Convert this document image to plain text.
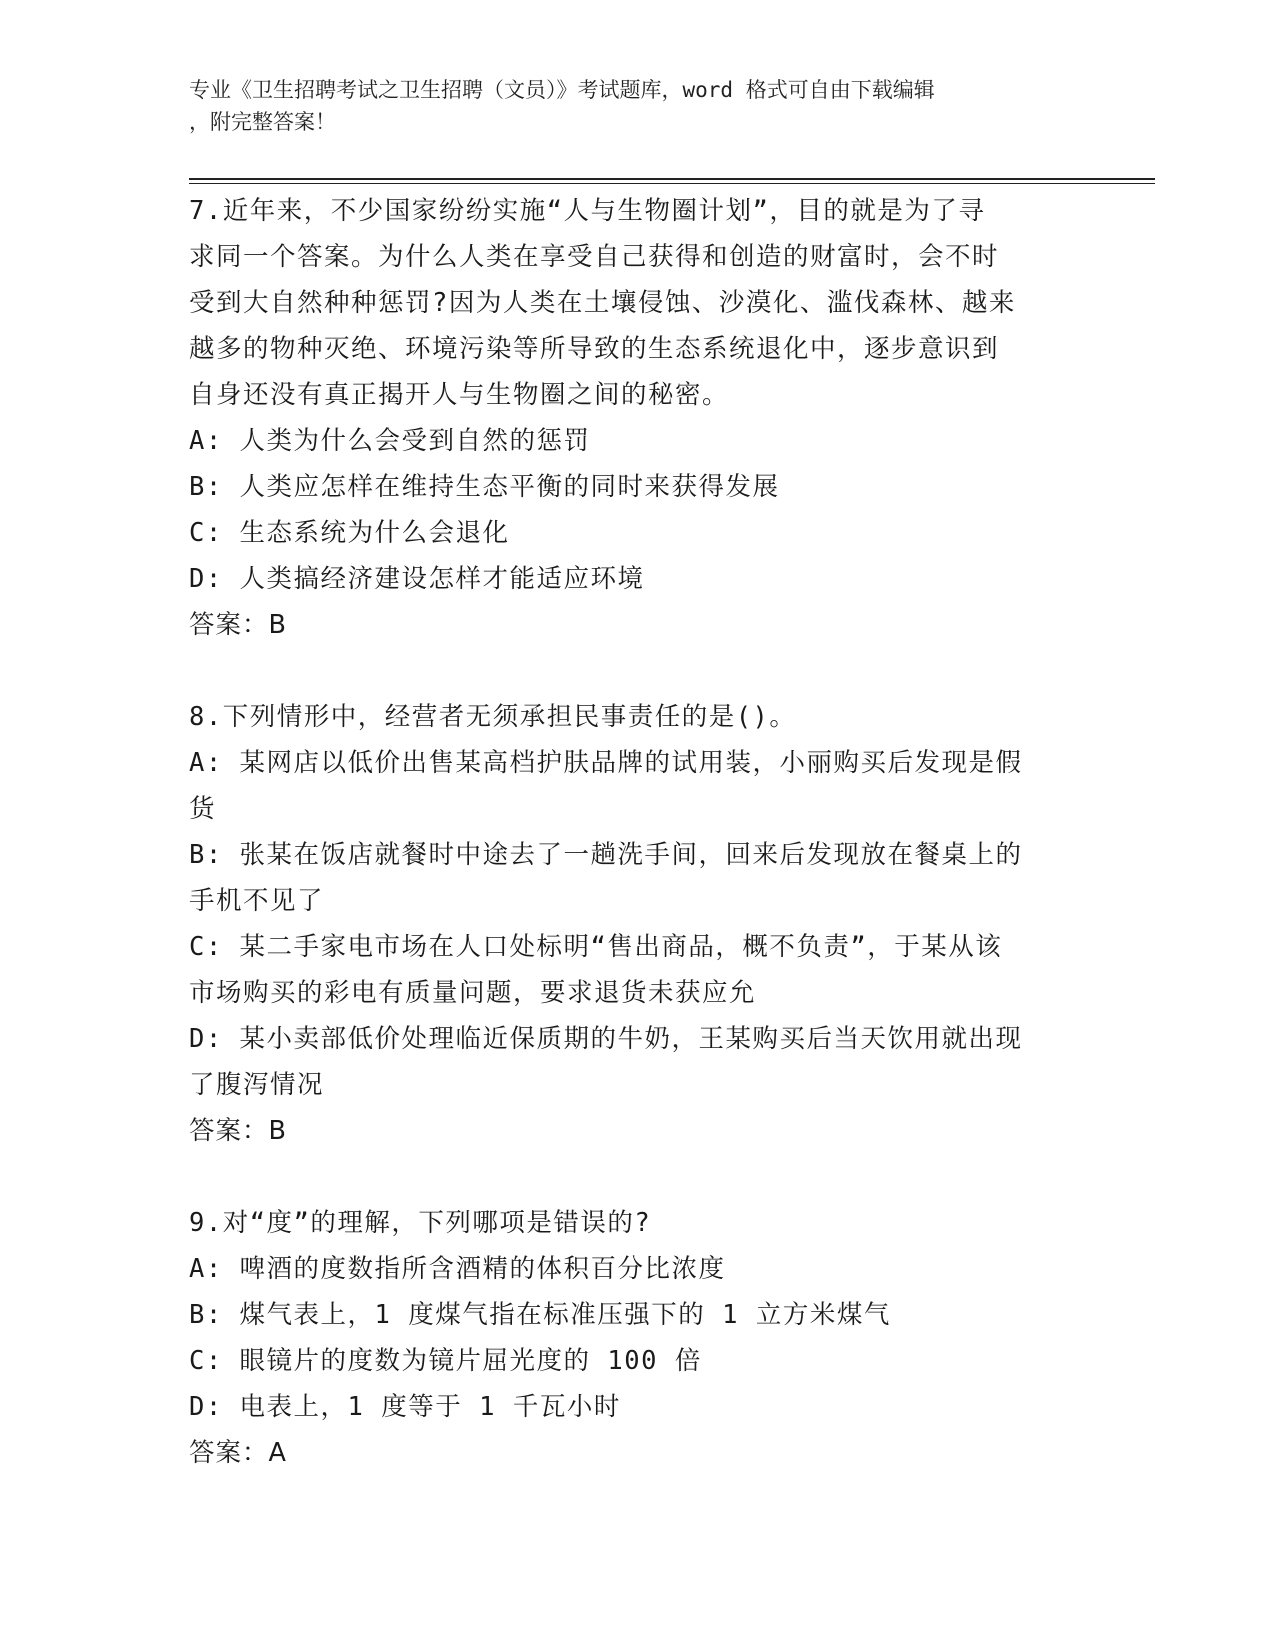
专业《卫生招聘考试之卫生招聘（文员）》考试题库，word 格式可自由下载编辑
，附完整答案！
7.近年来，不少国家纷纷实施“人与生物圈计划”，目的就是为了寻
求同一个答案。为什么人类在享受自己获得和创造的财富时，会不时
受到大自然种种惩罚?因为人类在土壤侵蚀、沙漠化、滥伐森林、越来
越多的物种灭绝、环境污染等所导致的生态系统退化中，逐步意识到
自身还没有真正揭开人与生物圈之间的秘密。
A: 人类为什么会受到自然的惩罚
B: 人类应怎样在维持生态平衡的同时来获得发展
C: 生态系统为什么会退化
D: 人类搞经济建设怎样才能适应环境
答案：B
8.下列情形中，经营者无须承担民事责任的是()。
A: 某网店以低价出售某高档护肤品牌的试用装，小丽购买后发现是假
货
B: 张某在饭店就餐时中途去了一趟洗手间，回来后发现放在餐桌上的
手机不见了
C: 某二手家电市场在人口处标明“售出商品，概不负责”，于某从该
市场购买的彩电有质量问题，要求退货未获应允
D: 某小卖部低价处理临近保质期的牛奶，王某购买后当天饮用就出现
了腹泻情况
答案：B
9.对“度”的理解，下列哪项是错误的?
A: 啤酒的度数指所含酒精的体积百分比浓度
B: 煤气表上，1 度煤气指在标准压强下的 1 立方米煤气
C: 眼镜片的度数为镜片屈光度的 100 倍
D: 电表上，1 度等于 1 千瓦小时
答案：A
